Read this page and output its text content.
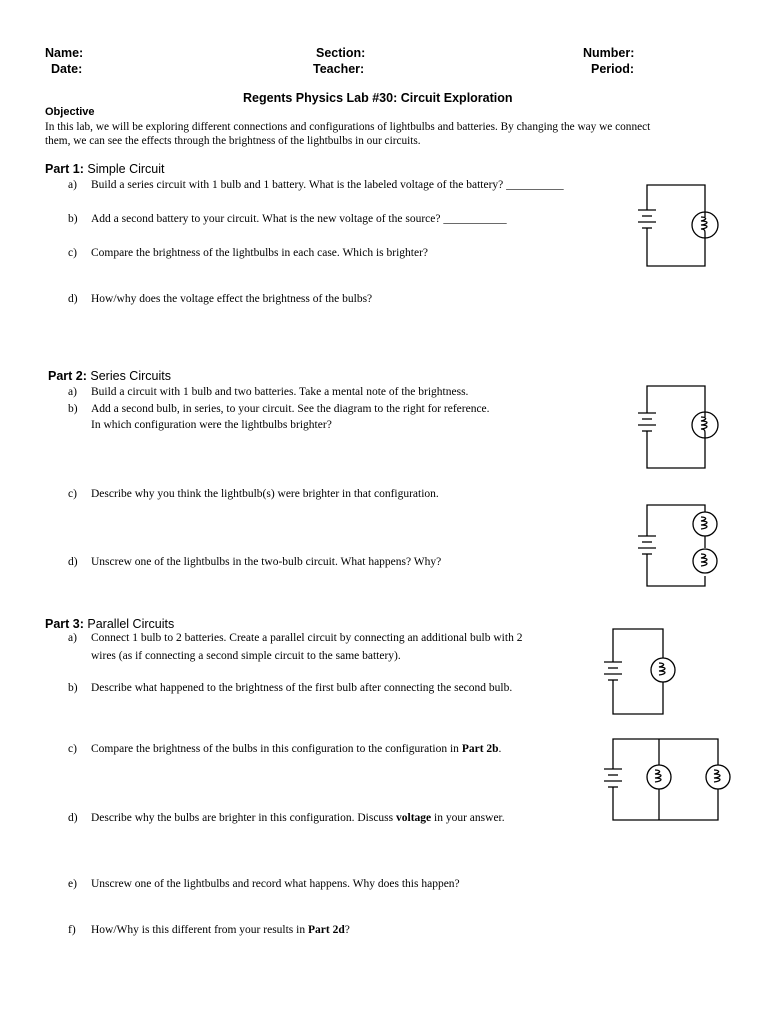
Name:
Date:
Section:
Teacher:
Number:
Period:
Regents Physics Lab #30: Circuit Exploration
Objective
In this lab, we will be exploring different connections and configurations of lightbulbs and batteries. By changing the way we connect
them, we can see the effects through the brightness of the lightbulbs in our circuits.
Part 1: Simple Circuit
a) Build a series circuit with 1 bulb and 1 battery. What is the labeled voltage of the battery? __________
b) Add a second battery to your circuit. What is the new voltage of the source? ___________
c) Compare the brightness of the lightbulbs in each case. Which is brighter?
d) How/why does the voltage effect the brightness of the bulbs?
Part 2: Series Circuits
a) Build a circuit with 1 bulb and two batteries. Take a mental note of the brightness.
b) Add a second bulb, in series, to your circuit. See the diagram to the right for reference.
In which configuration were the lightbulbs brighter?
c) Describe why you think the lightbulb(s) were brighter in that configuration.
d) Unscrew one of the lightbulbs in the two-bulb circuit. What happens? Why?
Part 3: Parallel Circuits
a) Connect 1 bulb to 2 batteries. Create a parallel circuit by connecting an additional bulb with 2
wires (as if connecting a second simple circuit to the same battery).
b) Describe what happened to the brightness of the first bulb after connecting the second bulb.
c) Compare the brightness of the bulbs in this configuration to the configuration in Part 2b.
d) Describe why the bulbs are brighter in this configuration. Discuss voltage in your answer.
e) Unscrew one of the lightbulbs and record what happens. Why does this happen?
f) How/Why is this different from your results in Part 2d?
